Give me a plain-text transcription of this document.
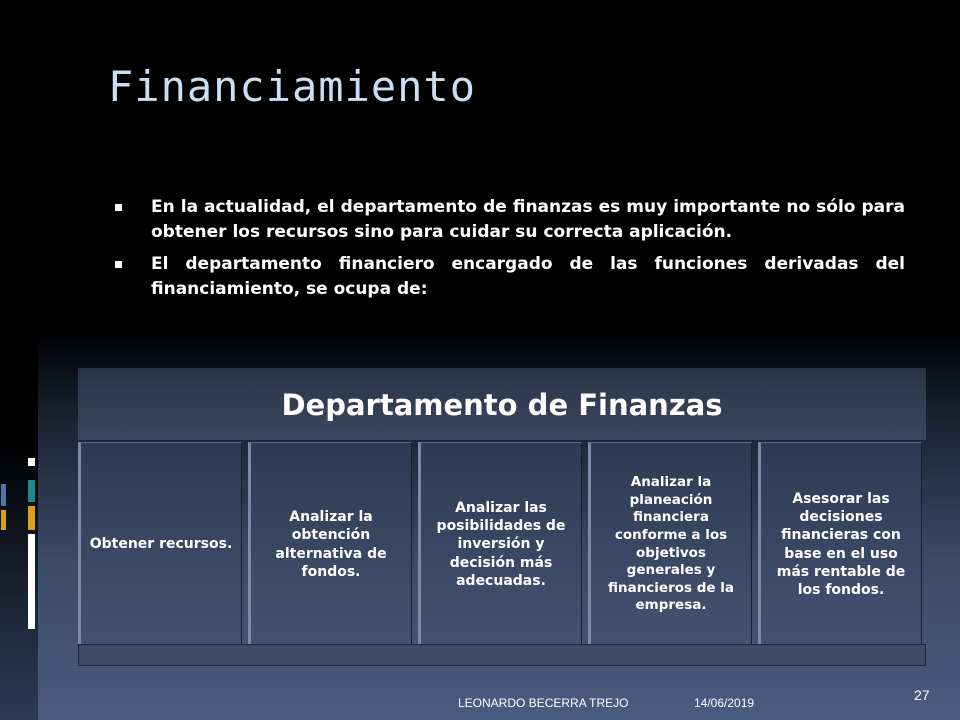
Financiamiento
En la actualidad, el departamento de finanzas es muy importante no sólo para obtener los recursos sino para cuidar su correcta aplicación.
El departamento financiero encargado de las funciones derivadas del financiamiento, se ocupa de:
Departamento de Finanzas
Obtener recursos.
Analizar la obtención alternativa de fondos.
Analizar las posibilidades de inversión y decisión más adecuadas.
Analizar la planeación financiera conforme a los objetivos generales y financieros de la empresa.
Asesorar las decisiones financieras con base en el uso más rentable de los fondos.
LEONARDO BECERRA TREJO	14/06/2019	27
